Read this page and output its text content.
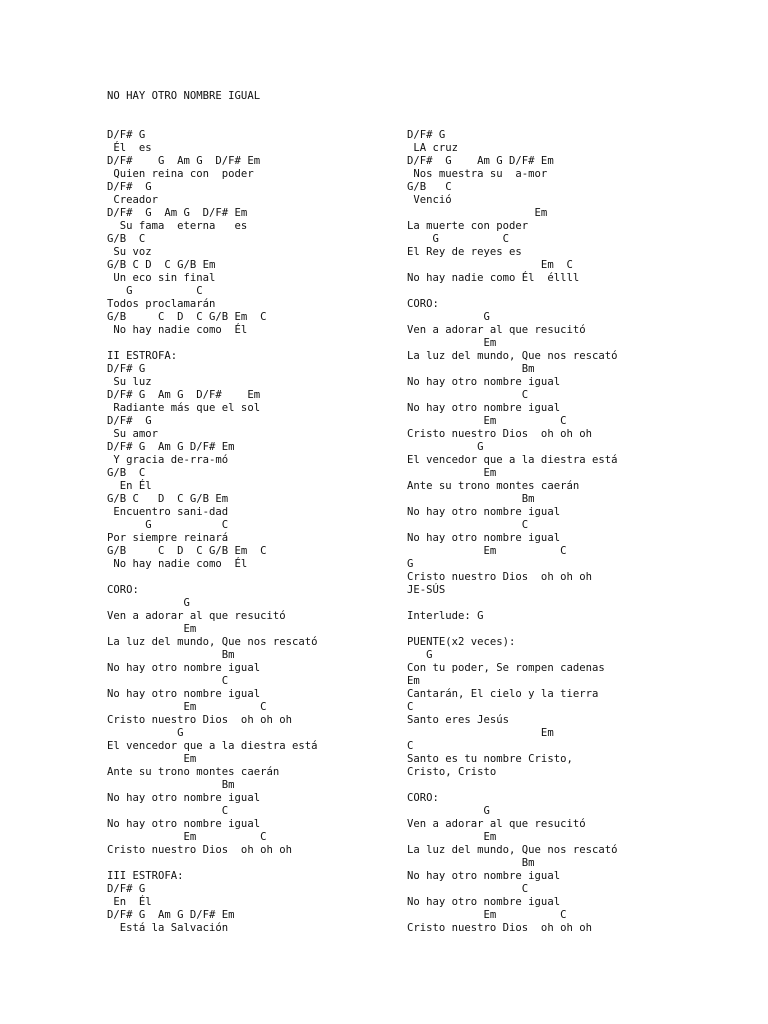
NO HAY OTRO NOMBRE IGUAL

D/F# G
Él  es
D/F#    G  Am G  D/F# Em
Quien reina con  poder
D/F#  G
Creador
D/F#  G  Am G  D/F# Em
Su fama  eterna   es
G/B  C
Su voz
G/B C D  C G/B Em
Un eco sin final
G          C
Todos proclamarán
G/B     C  D  C G/B Em  C
No hay nadie como  Él
II ESTROFA:
D/F# G
Su luz
D/F# G  Am G  D/F#    Em
Radiante más que el sol
D/F#  G
Su amor
D/F# G  Am G D/F# Em
Y gracia de-rra-mó
G/B  C
En Él
G/B C   D  C G/B Em
Encuentro sani-dad
G           C
Por siempre reinará
G/B     C  D  C G/B Em  C
No hay nadie como  Él
CORO:
G
Ven a adorar al que resucitó
Em
La luz del mundo, Que nos rescató
Bm
No hay otro nombre igual
C
No hay otro nombre igual
Em          C
Cristo nuestro Dios  oh oh oh
G
El vencedor que a la diestra está
Em
Ante su trono montes caerán
Bm
No hay otro nombre igual
C
No hay otro nombre igual
Em          C
Cristo nuestro Dios  oh oh oh
III ESTROFA:
D/F# G
En  Él
D/F# G  Am G D/F# Em
Está la Salvación
D/F# G
LA cruz
D/F#  G    Am G D/F# Em
Nos muestra su  a-mor
G/B   C
Venció
Em
La muerte con poder
G          C
El Rey de reyes es
Em  C
No hay nadie como Él  éllll
CORO:
G
Ven a adorar al que resucitó
Em
La luz del mundo, Que nos rescató
Bm
No hay otro nombre igual
C
No hay otro nombre igual
Em          C
Cristo nuestro Dios  oh oh oh
G
El vencedor que a la diestra está
Em
Ante su trono montes caerán
Bm
No hay otro nombre igual
C
No hay otro nombre igual
Em          C
G
Cristo nuestro Dios  oh oh oh
JE-SÚS
Interlude: G
PUENTE(x2 veces):
G
Con tu poder, Se rompen cadenas
Em
Cantarán, El cielo y la tierra
C
Santo eres Jesús
Em
C
Santo es tu nombre Cristo,
Cristo, Cristo
CORO:
G
Ven a adorar al que resucitó
Em
La luz del mundo, Que nos rescató
Bm
No hay otro nombre igual
C
No hay otro nombre igual
Em          C
Cristo nuestro Dios  oh oh oh
